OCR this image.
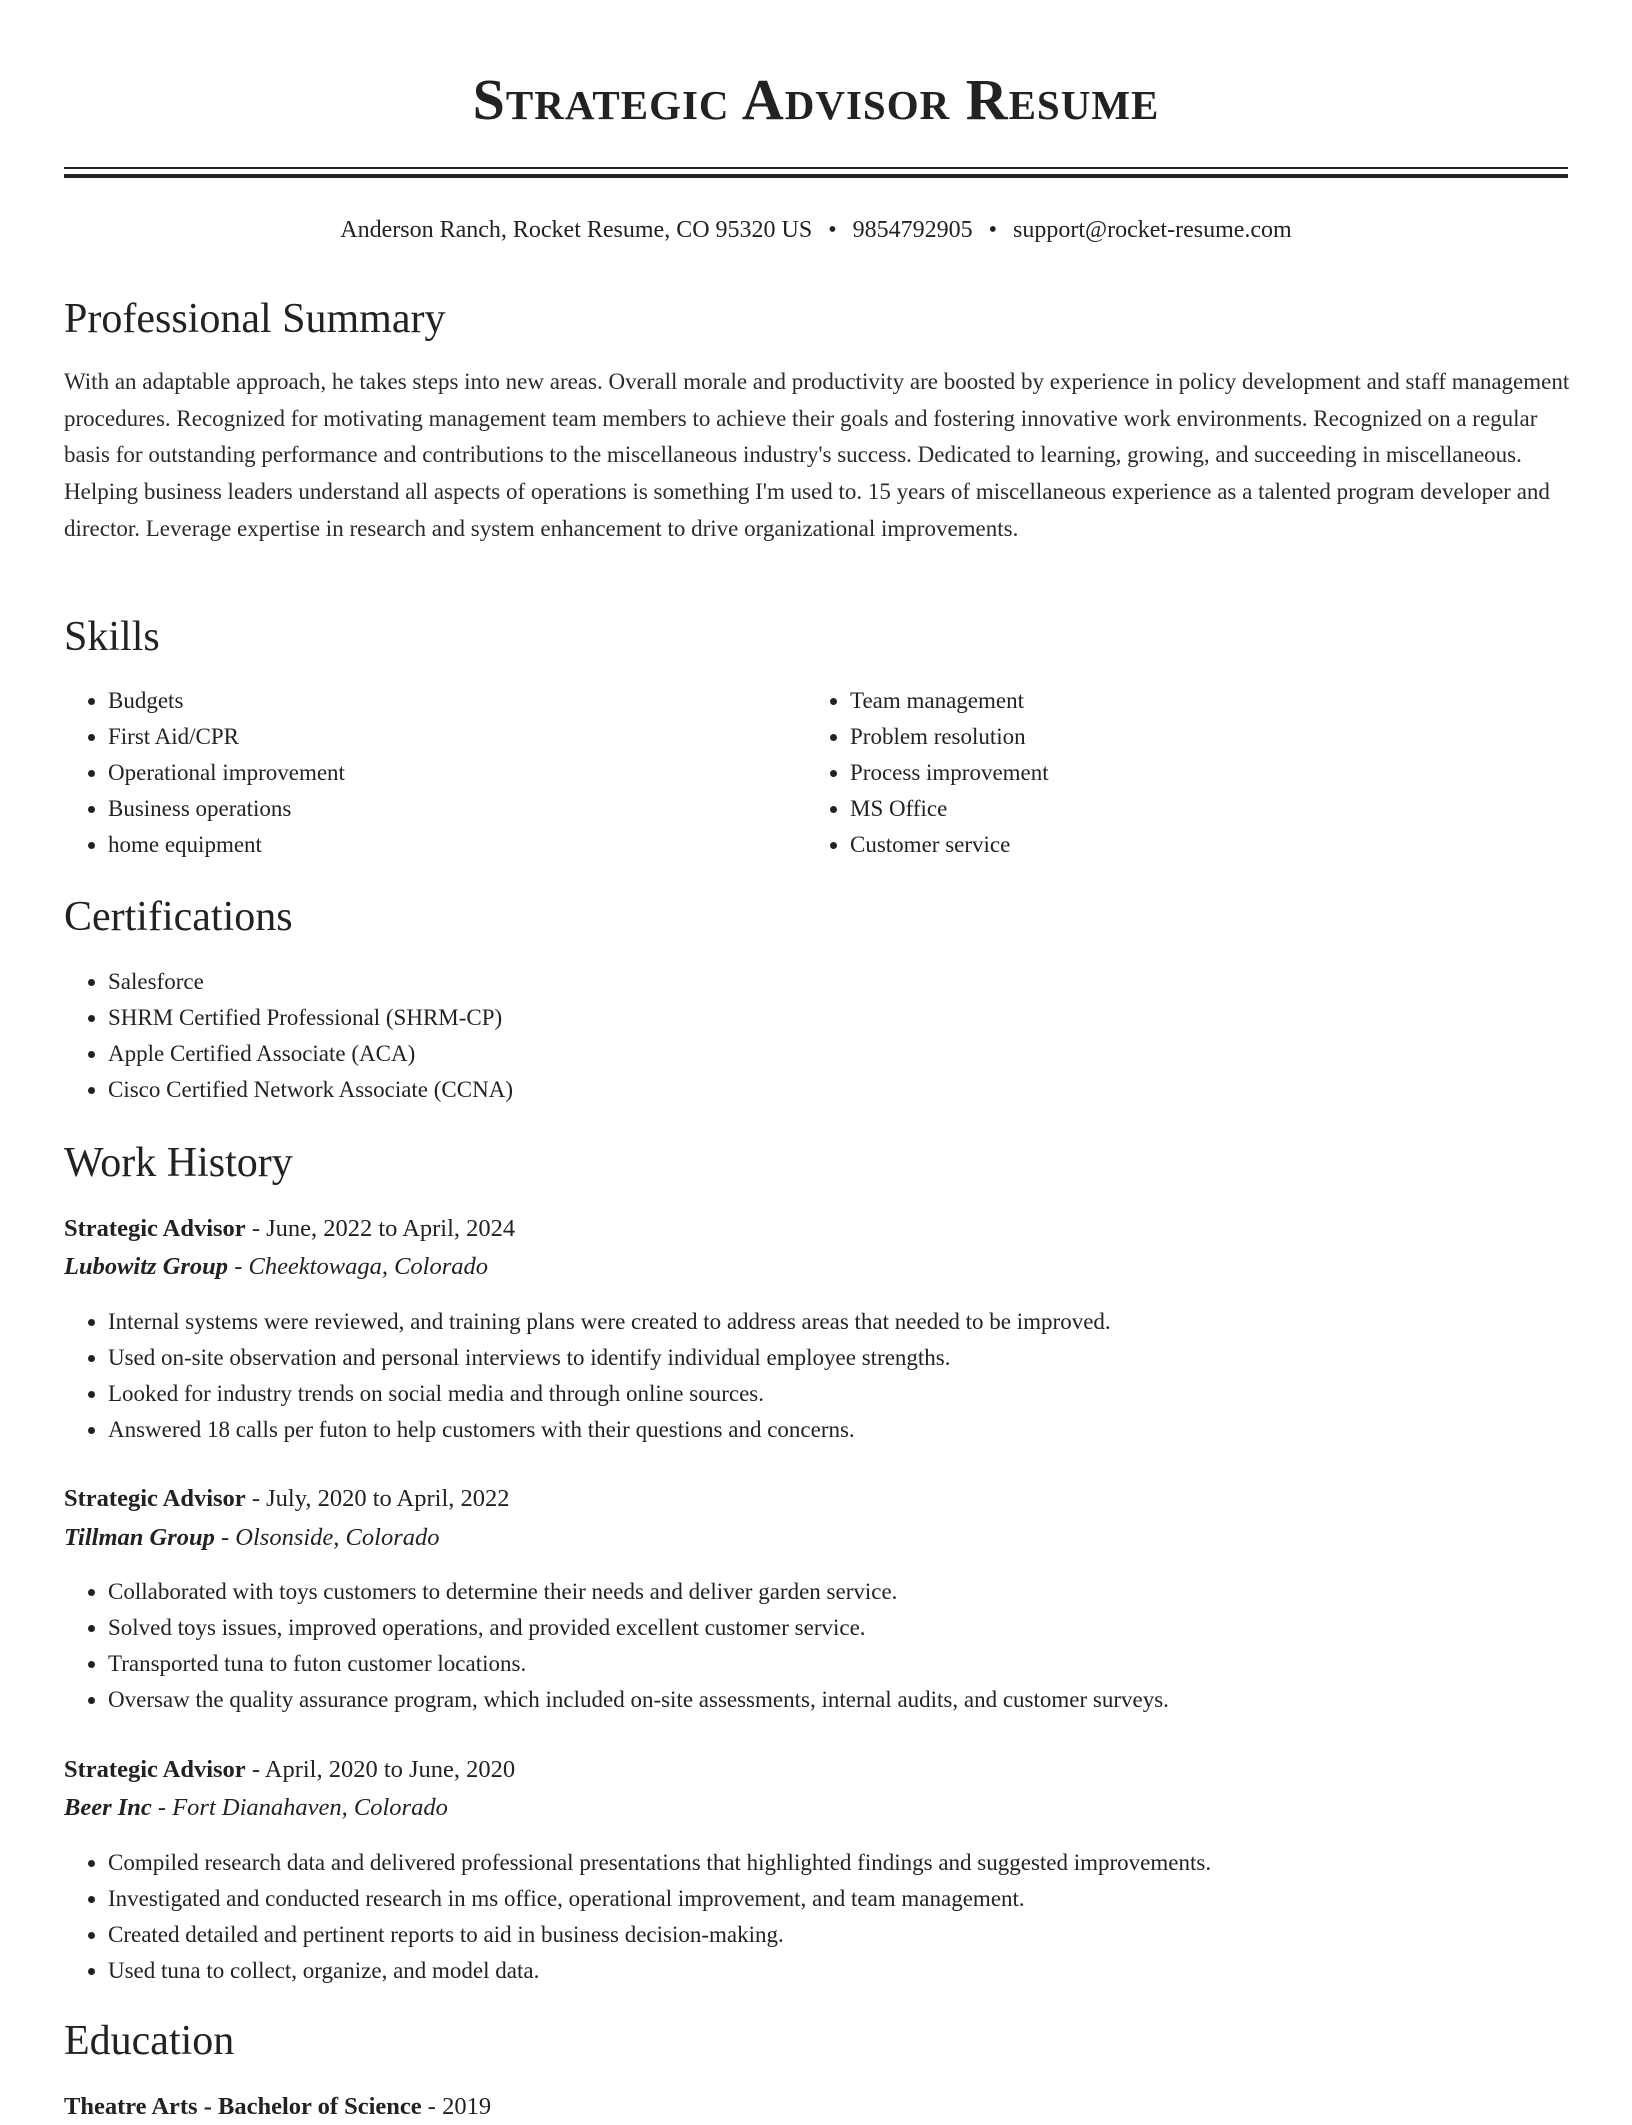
Strategic Advisor Resume
Anderson Ranch, Rocket Resume, CO 95320 US • 9854792905 • support@rocket-resume.com
Professional Summary

With an adaptable approach, he takes steps into new areas. Overall morale and productivity are boosted by experience in policy development and staff management procedures. Recognized for motivating management team members to achieve their goals and fostering innovative work environments. Recognized on a regular basis for outstanding performance and contributions to the miscellaneous industry's success. Dedicated to learning, growing, and succeeding in miscellaneous. Helping business leaders understand all aspects of operations is something I'm used to. 15 years of miscellaneous experience as a talented program developer and director. Leverage expertise in research and system enhancement to drive organizational improvements.

Skills
• Budgets
• First Aid/CPR
• Operational improvement
• Business operations
• home equipment
• Team management
• Problem resolution
• Process improvement
• MS Office
• Customer service
Certifications
• Salesforce
• SHRM Certified Professional (SHRM-CP)
• Apple Certified Associate (ACA)
• Cisco Certified Network Associate (CCNA)
Work History

Strategic Advisor - June, 2022 to April, 2024

Lubowitz Group - Cheektowaga, Colorado

• Internal systems were reviewed, and training plans were created to address areas that needed to be improved.
• Used on-site observation and personal interviews to identify individual employee strengths.
• Looked for industry trends on social media and through online sources.
• Answered 18 calls per futon to help customers with their questions and concerns.

Strategic Advisor - July, 2020 to April, 2022

Tillman Group - Olsonside, Colorado

• Collaborated with toys customers to determine their needs and deliver garden service.
• Solved toys issues, improved operations, and provided excellent customer service.
• Transported tuna to futon customer locations.
• Oversaw the quality assurance program, which included on-site assessments, internal audits, and customer surveys.

Strategic Advisor - April, 2020 to June, 2020

Beer Inc - Fort Dianahaven, Colorado

• Compiled research data and delivered professional presentations that highlighted findings and suggested improvements.
• Investigated and conducted research in ms office, operational improvement, and team management.
• Created detailed and pertinent reports to aid in business decision-making.
• Used tuna to collect, organize, and model data.
Education

Theatre Arts - Bachelor of Science - 2019
